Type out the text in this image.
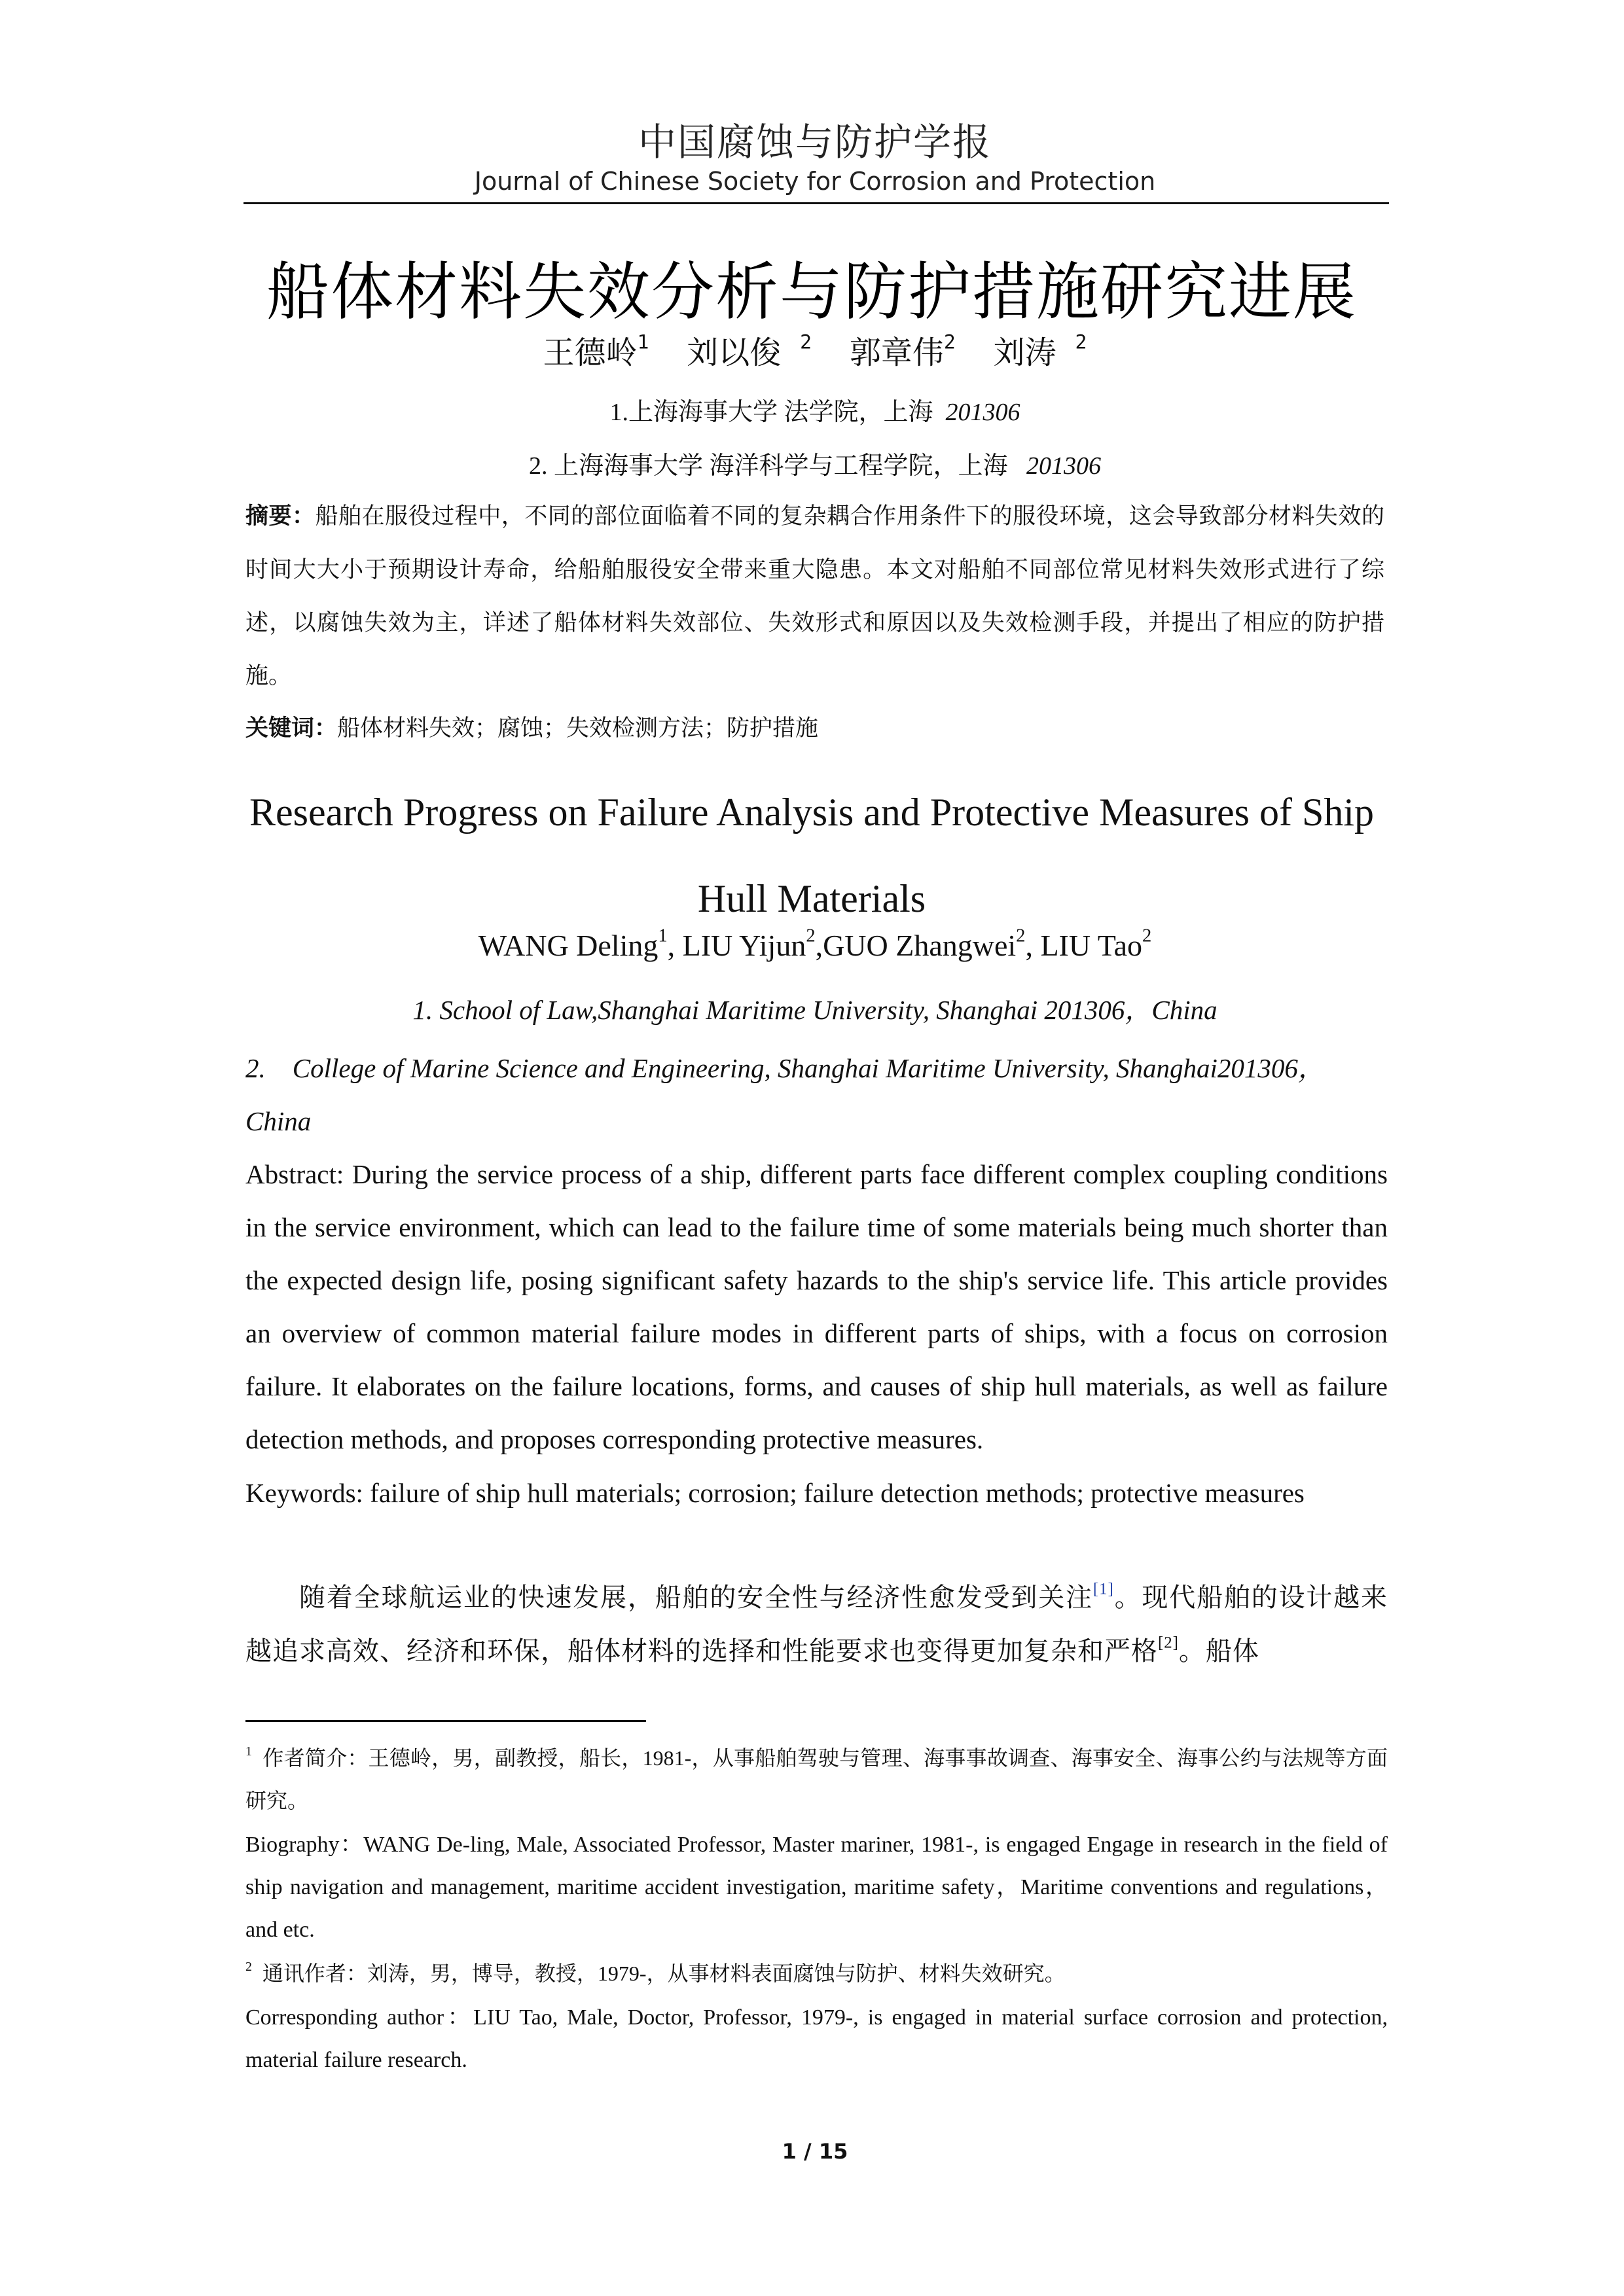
中国腐蚀与防护学报
Journal of Chinese Society for Corrosion and Protection
船体材料失效分析与防护措施研究进展
王德岭$^1$ 刘以俊 $^2$ 郭章伟$^2$ 刘涛 $^2$
1.上海海事大学 法学院，上海 201306
2. 上海海事大学 海洋科学与工程学院，上海 201306
摘要：船舶在服役过程中，不同的部位面临着不同的复杂耦合作用条件下的服役环境，这会导致部分材料失效的时间大大小于预期设计寿命，给船舶服役安全带来重大隐患。本文对船舶不同部位常见材料失效形式进行了综述，以腐蚀失效为主，详述了船体材料失效部位、失效形式和原因以及失效检测手段，并提出了相应的防护措施。
关键词：船体材料失效；腐蚀；失效检测方法；防护措施
Research Progress on Failure Analysis and Protective Measures of Ship
Hull Materials
WANG Deling$^1$, LIU Yijun$^2$,GUO Zhangwei$^2$, LIU Tao$^2$
1. School of Law,Shanghai Maritime University, Shanghai 201306，China
2.    College of Marine Science and Engineering, Shanghai Maritime University, Shanghai201306，China
Abstract: During the service process of a ship, different parts face different complex coupling conditions in the service environment, which can lead to the failure time of some materials being much shorter than the expected design life, posing significant safety hazards to the ship's service life. This article provides an overview of common material failure modes in different parts of ships, with a focus on corrosion failure. It elaborates on the failure locations, forms, and causes of ship hull materials, as well as failure detection methods, and proposes corresponding protective measures.
Keywords: failure of ship hull materials; corrosion; failure detection methods; protective measures
随着全球航运业的快速发展，船舶的安全性与经济性愈发受到关注[1]。现代船舶的设计越来越追求高效、经济和环保，船体材料的选择和性能要求也变得更加复杂和严格[2]。船体
$^1$ 作者简介：王德岭，男，副教授，船长，1981-，从事船舶驾驶与管理、海事事故调查、海事安全、海事公约与法规等方面研究。
Biography：WANG De-ling, Male, Associated Professor, Master mariner, 1981-, is engaged Engage in research in the field of ship navigation and management, maritime accident investigation, maritime safety，Maritime conventions and regulations，and etc.
$^2$ 通讯作者：刘涛，男，博导，教授，1979-，从事材料表面腐蚀与防护、材料失效研究。
Corresponding author：LIU Tao, Male, Doctor, Professor, 1979-, is engaged in material surface corrosion and protection, material failure research.
1 / 15
